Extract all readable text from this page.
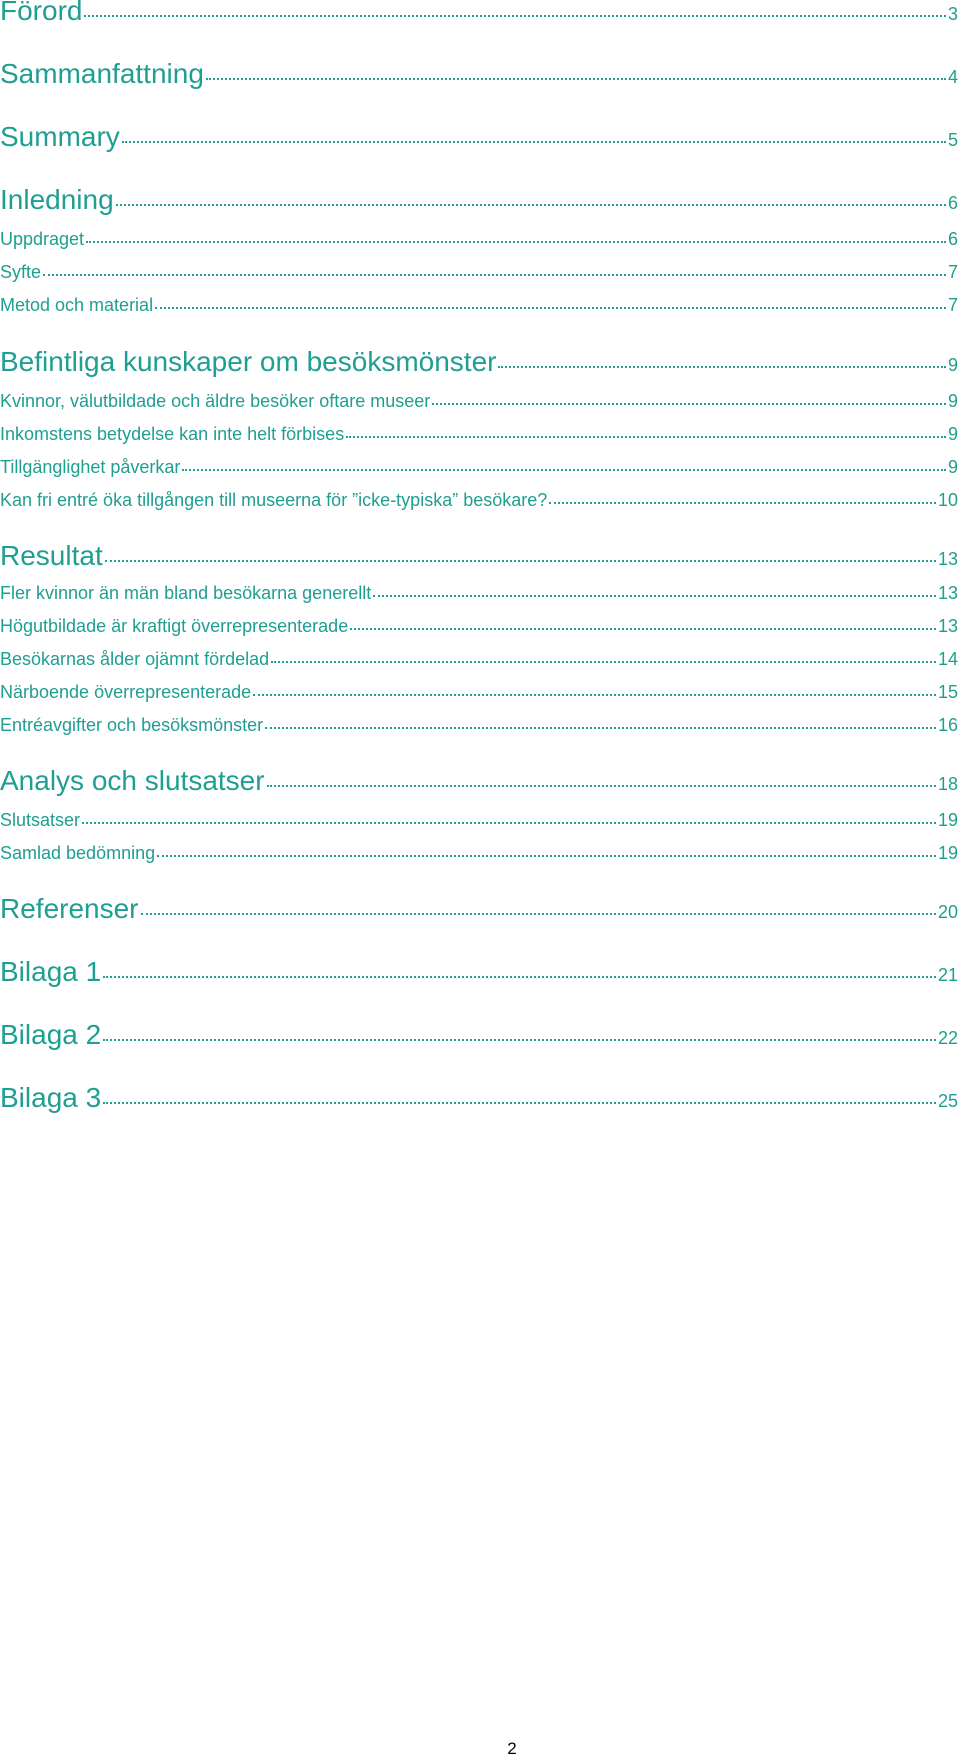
Förord	3
Sammanfattning	4
Summary	5
Inledning	6
Uppdraget	6
Syfte	7
Metod och material	7
Befintliga kunskaper om besöksmönster	9
Kvinnor, välutbildade och äldre besöker oftare museer	9
Inkomstens betydelse kan inte helt förbises	9
Tillgänglighet påverkar	9
Kan fri entré öka tillgången till museerna för ”icke-typiska” besökare?	10
Resultat	13
Fler kvinnor än män bland besökarna generellt	13
Högutbildade är kraftigt överrepresenterade	13
Besökarnas ålder ojämnt fördelad	14
Närboende överrepresenterade	15
Entréavgifter och besöksmönster	16
Analys och slutsatser	18
Slutsatser	19
Samlad bedömning	19
Referenser	20
Bilaga 1	21
Bilaga 2	22
Bilaga 3	25
2
